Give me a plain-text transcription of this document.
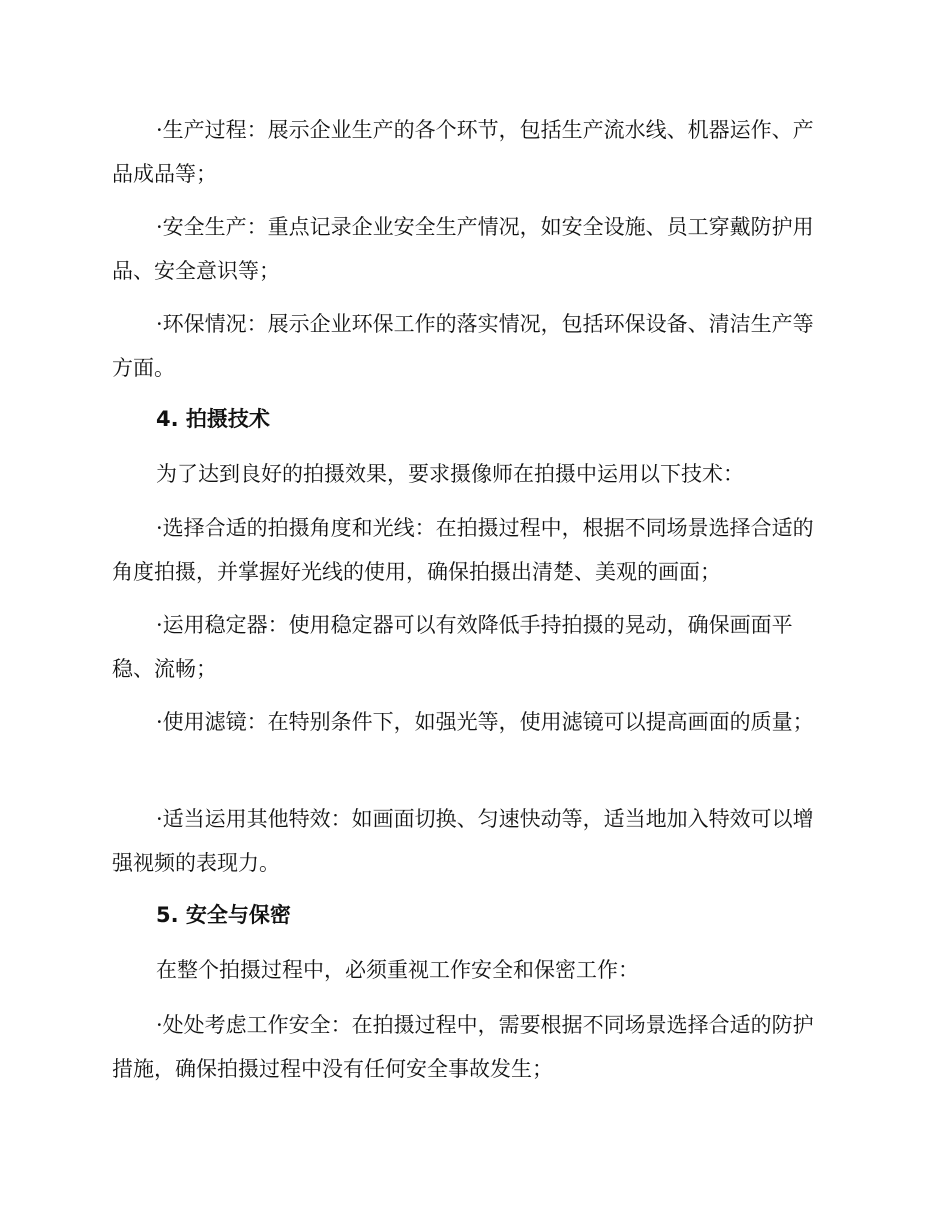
·生产过程：展示企业生产的各个环节，包括生产流水线、机器运作、产品成品等；

·安全生产：重点记录企业安全生产情况，如安全设施、员工穿戴防护用品、安全意识等；

·环保情况：展示企业环保工作的落实情况，包括环保设备、清洁生产等方面。

4. 拍摄技术

为了达到良好的拍摄效果，要求摄像师在拍摄中运用以下技术：

·选择合适的拍摄角度和光线：在拍摄过程中，根据不同场景选择合适的角度拍摄，并掌握好光线的使用，确保拍摄出清楚、美观的画面；

·运用稳定器：使用稳定器可以有效降低手持拍摄的晃动，确保画面平稳、流畅；

·使用滤镜：在特别条件下，如强光等，使用滤镜可以提高画面的质量；

·适当运用其他特效：如画面切换、匀速快动等，适当地加入特效可以增强视频的表现力。

5. 安全与保密

在整个拍摄过程中，必须重视工作安全和保密工作：

·处处考虑工作安全：在拍摄过程中，需要根据不同场景选择合适的防护措施，确保拍摄过程中没有任何安全事故发生；
